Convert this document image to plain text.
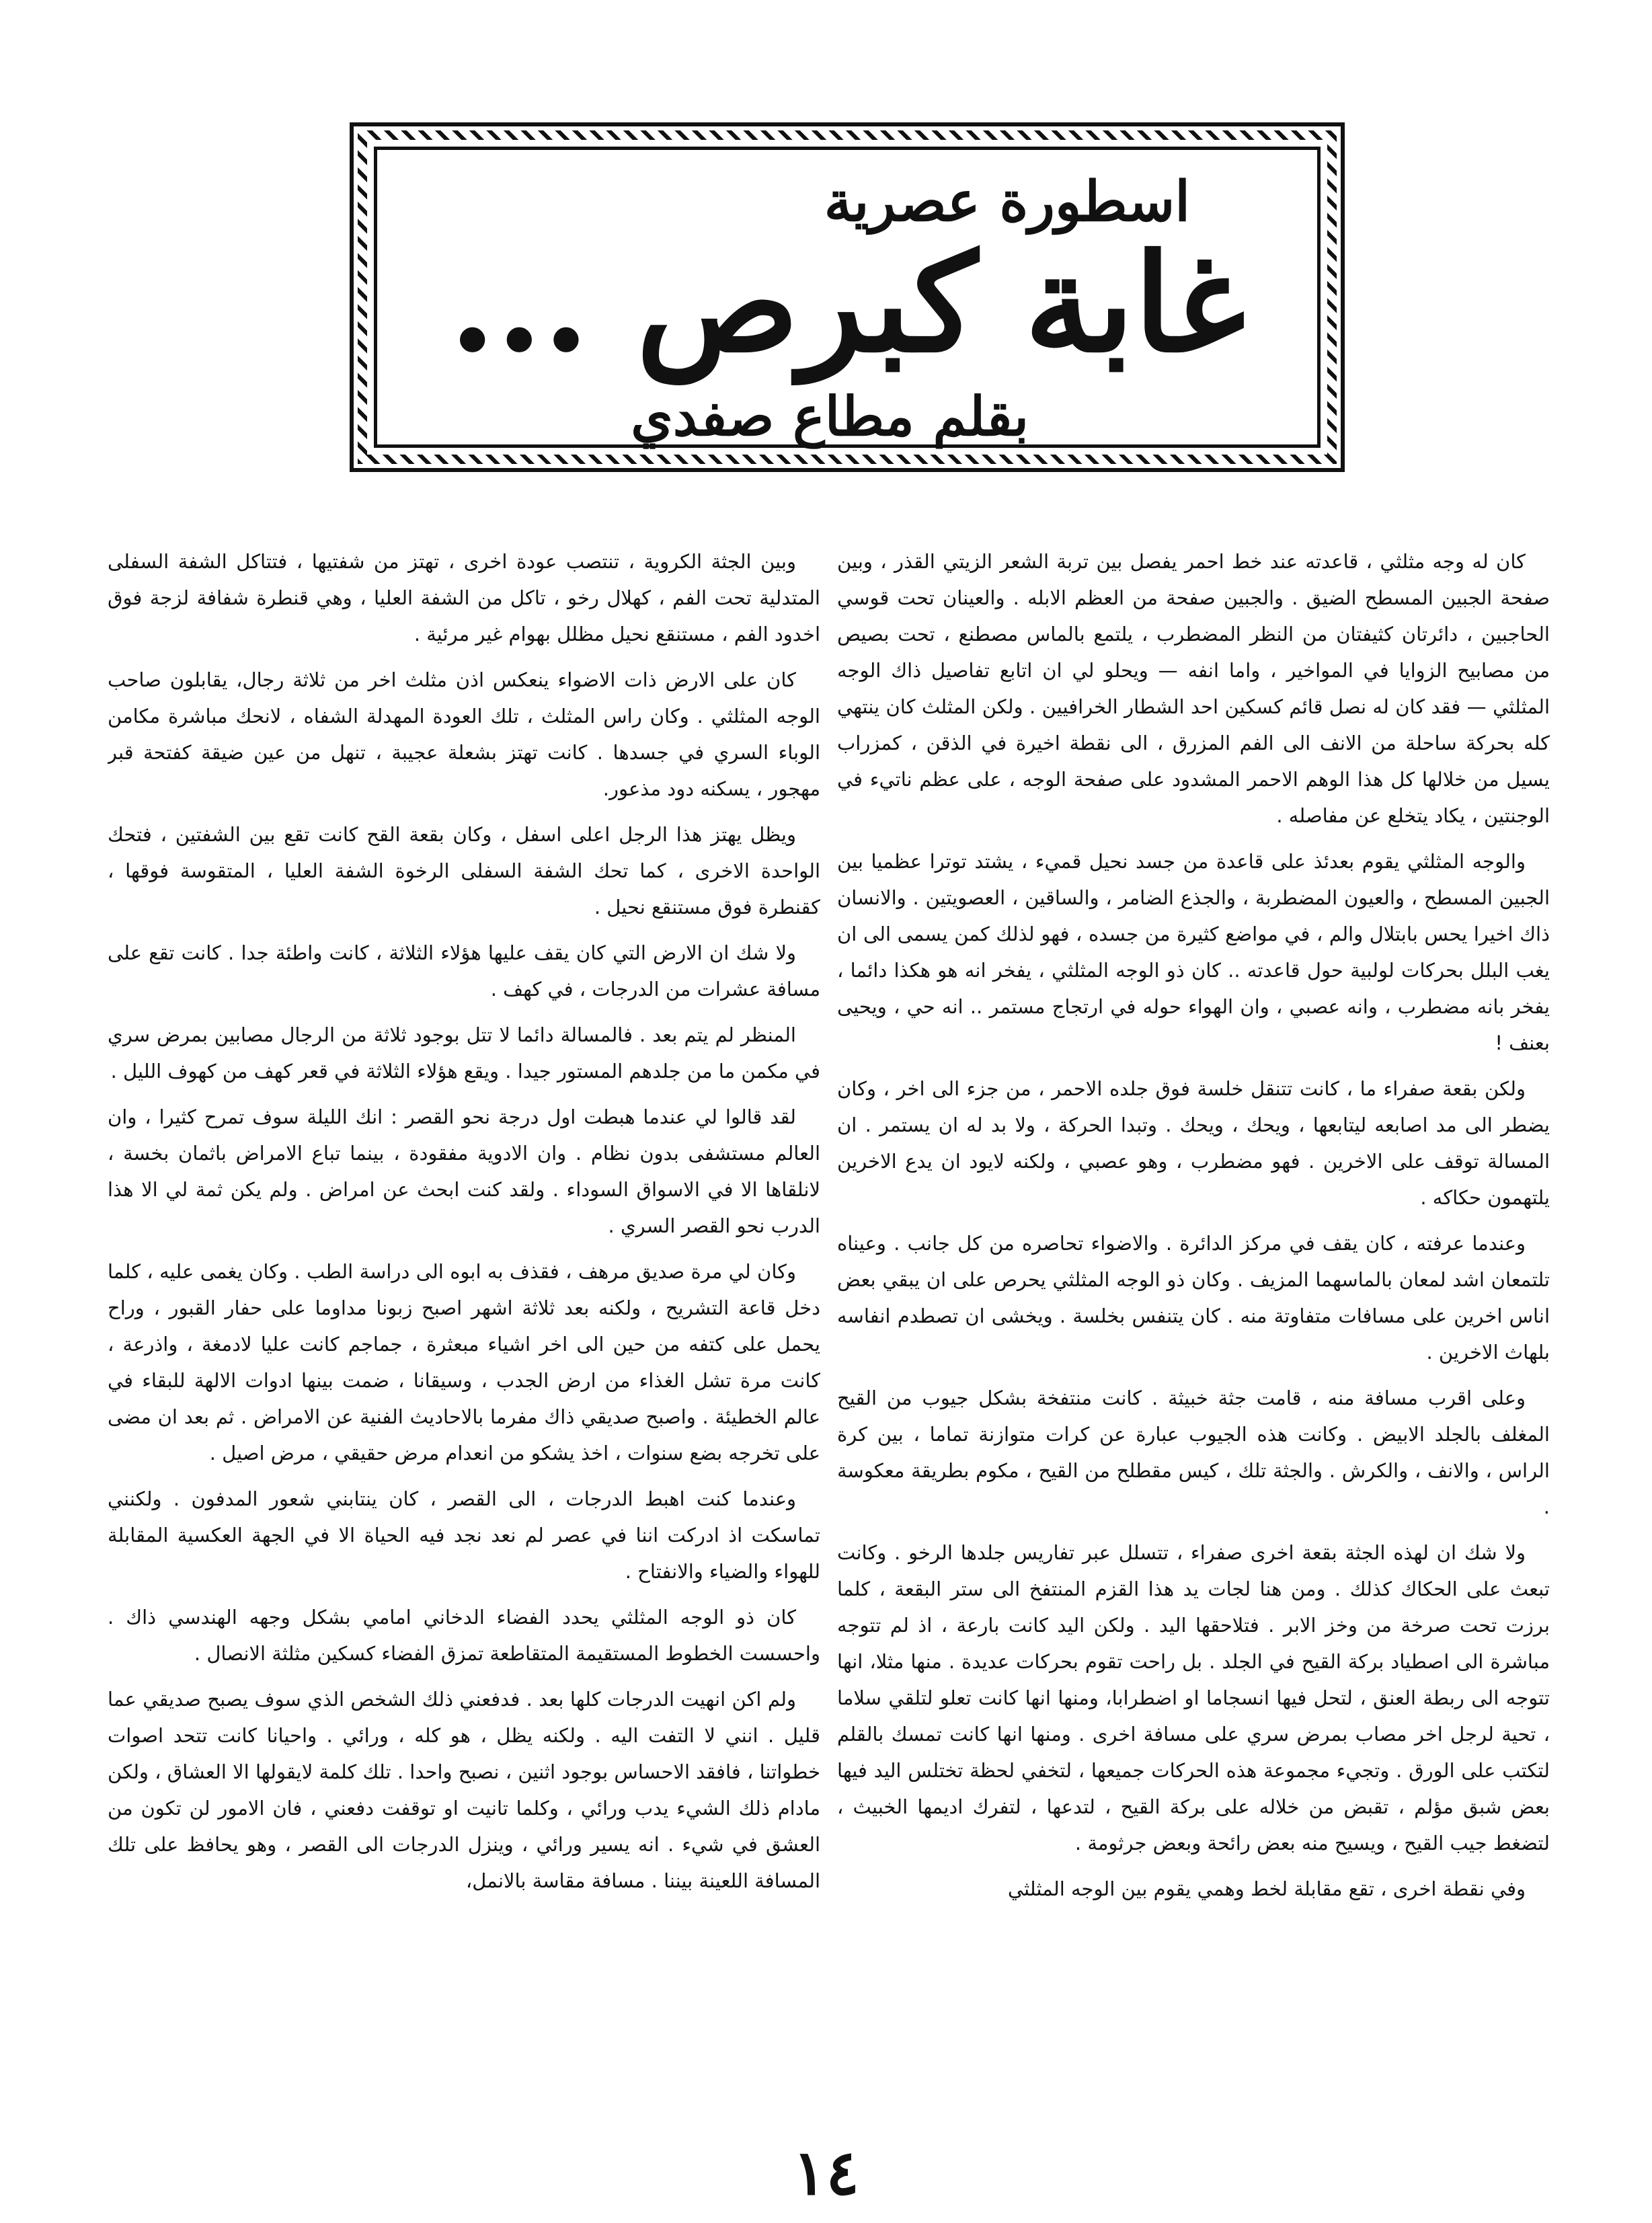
اسطورة عصرية
غابة كبرص ...
بقلم مطاع صفدي

كان له وجه مثلثي ، قاعدته عند خط احمر يفصل بين تربة الشعر الزيتي القذر ، وبين صفحة الجبين المسطح الضيق . والجبين صفحة من العظم الابله . والعينان تحت قوسي الحاجبين ، دائرتان كثيفتان من النظر المضطرب ، يلتمع بالماس مصطنع ، تحت بصيص من مصابيح الزوايا في المواخير ، واما انفه — ويحلو لي ان اتابع تفاصيل ذاك الوجه المثلثي — فقد كان له نصل قائم كسكين احد الشطار الخرافيين . ولكن المثلث كان ينتهي كله بحركة ساحلة من الانف الى الفم المزرق ، الى نقطة اخيرة في الذقن ، كمزراب يسيل من خلالها كل هذا الوهم الاحمر المشدود على صفحة الوجه ، على عظم ناتيء في الوجنتين ، يكاد يتخلع عن مفاصله .

والوجه المثلثي يقوم بعدئذ على قاعدة من جسد نحيل قميء ، يشتد توترا عظميا بين الجبين المسطح ، والعيون المضطربة ، والجذع الضامر ، والساقين ، العصويتين . والانسان ذاك اخيرا يحس بابتلال والم ، في مواضع كثيرة من جسده ، فهو لذلك كمن يسمى الى ان يغب البلل بحركات لولبية حول قاعدته .. كان ذو الوجه المثلثي ، يفخر انه هو هكذا دائما ، يفخر بانه مضطرب ، وانه عصبي ، وان الهواء حوله في ارتجاج مستمر .. انه حي ، ويحيى بعنف !

ولكن بقعة صفراء ما ، كانت تتنقل خلسة فوق جلده الاحمر ، من جزء الى اخر ، وكان يضطر الى مد اصابعه ليتابعها ، ويحك ، ويحك . وتبدا الحركة ، ولا بد له ان يستمر . ان المسالة توقف على الاخرين . فهو مضطرب ، وهو عصبي ، ولكنه لايود ان يدع الاخرين يلتهمون حكاكه .

وعندما عرفته ، كان يقف في مركز الدائرة . والاضواء تحاصره من كل جانب . وعيناه تلتمعان اشد لمعان بالماسهما المزيف . وكان ذو الوجه المثلثي يحرص على ان يبقي بعض اناس اخرين على مسافات متفاوتة منه . كان يتنفس بخلسة . ويخشى ان تصطدم انفاسه بلهاث الاخرين .

وعلى اقرب مسافة منه ، قامت جثة خبيثة . كانت منتفخة بشكل جيوب من القيح المغلف بالجلد الابيض . وكانت هذه الجيوب عبارة عن كرات متوازنة تماما ، بين كرة الراس ، والانف ، والكرش . والجثة تلك ، كيس مقطلح من القيح ، مكوم بطريقة معكوسة .

ولا شك ان لهذه الجثة بقعة اخرى صفراء ، تتسلل عبر تفاريس جلدها الرخو . وكانت تبعث على الحكاك كذلك . ومن هنا لجات يد هذا القزم المنتفخ الى ستر البقعة ، كلما برزت تحت صرخة من وخز الابر . فتلاحقها اليد . ولكن اليد كانت بارعة ، اذ لم تتوجه مباشرة الى اصطياد بركة القيح في الجلد . بل راحت تقوم بحركات عديدة . منها مثلا، انها تتوجه الى ربطة العنق ، لتحل فيها انسجاما او اضطرابا، ومنها انها كانت تعلو لتلقي سلاما ، تحية لرجل اخر مصاب بمرض سري على مسافة اخرى . ومنها انها كانت تمسك بالقلم لتكتب على الورق . وتجيء مجموعة هذه الحركات جميعها ، لتخفي لحظة تختلس اليد فيها بعض شبق مؤلم ، تقبض من خلاله على بركة القيح ، لتدعها ، لتفرك اديمها الخبيث ، لتضغط جيب القيح ، ويسيح منه بعض رائحة وبعض جرثومة .

وفي نقطة اخرى ، تقع مقابلة لخط وهمي يقوم بين الوجه المثلثي

وبين الجثة الكروية ، تنتصب عودة اخرى ، تهتز من شفتيها ، فتتاكل الشفة السفلى المتدلية تحت الفم ، كهلال رخو ، تاكل من الشفة العليا ، وهي قنطرة شفافة لزجة فوق اخدود الفم ، مستنقع نحيل مظلل بهوام غير مرئية .

كان على الارض ذات الاضواء ينعكس اذن مثلث اخر من ثلاثة رجال، يقابلون صاحب الوجه المثلثي . وكان راس المثلث ، تلك العودة المهدلة الشفاه ، لانحك مباشرة مكامن الوباء السري في جسدها . كانت تهتز بشعلة عجيبة ، تنهل من عين ضيقة كفتحة قبر مهجور ، يسكنه دود مذعور.

ويظل يهتز هذا الرجل اعلى اسفل ، وكان بقعة القح كانت تقع بين الشفتين ، فتحك الواحدة الاخرى ، كما تحك الشفة السفلى الرخوة الشفة العليا ، المتقوسة فوقها ، كقنطرة فوق مستنقع نحيل .

ولا شك ان الارض التي كان يقف عليها هؤلاء الثلاثة ، كانت واطئة جدا . كانت تقع على مسافة عشرات من الدرجات ، في كهف .

المنظر لم يتم بعد . فالمسالة دائما لا تتل بوجود ثلاثة من الرجال مصابين بمرض سري في مكمن ما من جلدهم المستور جيدا . ويقع هؤلاء الثلاثة في قعر كهف من كهوف الليل .

لقد قالوا لي عندما هبطت اول درجة نحو القصر : انك الليلة سوف تمرح كثيرا ، وان العالم مستشفى بدون نظام . وان الادوية مفقودة ، بينما تباع الامراض باثمان بخسة ، لانلقاها الا في الاسواق السوداء . ولقد كنت ابحث عن امراض . ولم يكن ثمة لي الا هذا الدرب نحو القصر السري .

وكان لي مرة صديق مرهف ، فقذف به ابوه الى دراسة الطب . وكان يغمى عليه ، كلما دخل قاعة التشريح ، ولكنه بعد ثلاثة اشهر اصبح زبونا مداوما على حفار القبور ، وراح يحمل على كتفه من حين الى اخر اشياء مبعثرة ، جماجم كانت عليا لادمغة ، واذرعة ، كانت مرة تشل الغذاء من ارض الجدب ، وسيقانا ، ضمت بينها ادوات الالهة للبقاء في عالم الخطيئة . واصبح صديقي ذاك مفرما بالاحاديث الفنية عن الامراض . ثم بعد ان مضى على تخرجه بضع سنوات ، اخذ يشكو من انعدام مرض حقيقي ، مرض اصيل .

وعندما كنت اهبط الدرجات ، الى القصر ، كان ينتابني شعور المدفون . ولكنني تماسكت اذ ادركت اننا في عصر لم نعد نجد فيه الحياة الا في الجهة العكسية المقابلة للهواء والضياء والانفتاح .

كان ذو الوجه المثلثي يحدد الفضاء الدخاني امامي بشكل وجهه الهندسي ذاك . واحسست الخطوط المستقيمة المتقاطعة تمزق الفضاء كسكين مثلثة الانصال .

ولم اكن انهيت الدرجات كلها بعد . فدفعني ذلك الشخص الذي سوف يصبح صديقي عما قليل . انني لا التفت اليه . ولكنه يظل ، هو كله ، ورائي . واحيانا كانت تتحد اصوات خطواتنا ، فافقد الاحساس بوجود اثنين ، نصبح واحدا . تلك كلمة لايقولها الا العشاق ، ولكن مادام ذلك الشيء يدب ورائي ، وكلما تانيت او توقفت دفعني ، فان الامور لن تكون من العشق في شيء . انه يسير ورائي ، وينزل الدرجات الى القصر ، وهو يحافظ على تلك المسافة اللعينة بيننا . مسافة مقاسة بالانمل،

١٤
